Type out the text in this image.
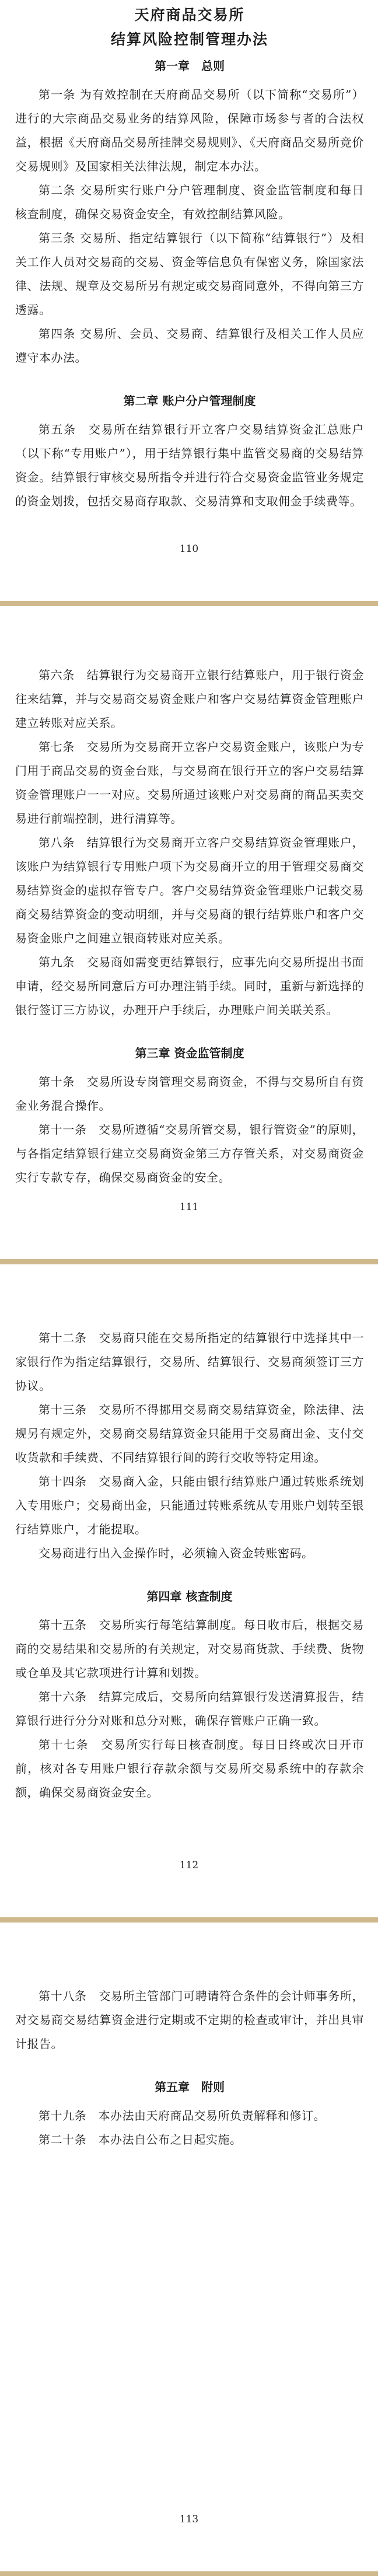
天府商品交易所
结算风险控制管理办法
第一章　总则
第一条 为有效控制在天府商品交易所（以下简称“交易所”）进行的大宗商品交易业务的结算风险，保障市场参与者的合法权益，根据《天府商品交易所挂牌交易规则》、《天府商品交易所竞价交易规则》及国家相关法律法规，制定本办法。
第二条 交易所实行账户分户管理制度、资金监管制度和每日核查制度，确保交易资金安全，有效控制结算风险。
第三条 交易所、指定结算银行（以下简称“结算银行”）及相关工作人员对交易商的交易、资金等信息负有保密义务，除国家法律、法规、规章及交易所另有规定或交易商同意外，不得向第三方透露。
第四条 交易所、会员、交易商、结算银行及相关工作人员应遵守本办法。
第二章 账户分户管理制度
第五条　交易所在结算银行开立客户交易结算资金汇总账户（以下称“专用账户”），用于结算银行集中监管交易商的交易结算资金。结算银行审核交易所指令并进行符合交易资金监管业务规定的资金划拨，包括交易商存取款、交易清算和支取佣金手续费等。
110
第六条　结算银行为交易商开立银行结算账户，用于银行资金往来结算，并与交易商交易资金账户和客户交易结算资金管理账户建立转账对应关系。
第七条　交易所为交易商开立客户交易资金账户，该账户为专门用于商品交易的资金台账，与交易商在银行开立的客户交易结算资金管理账户一一对应。交易所通过该账户对交易商的商品买卖交易进行前端控制，进行清算等。
第八条　结算银行为交易商开立客户交易结算资金管理账户，该账户为结算银行专用账户项下为交易商开立的用于管理交易商交易结算资金的虚拟存管专户。客户交易结算资金管理账户记载交易商交易结算资金的变动明细，并与交易商的银行结算账户和客户交易资金账户之间建立银商转账对应关系。
第九条　交易商如需变更结算银行，应事先向交易所提出书面申请，经交易所同意后方可办理注销手续。同时，重新与新选择的银行签订三方协议，办理开户手续后，办理账户间关联关系。
第三章 资金监管制度
第十条　交易所设专岗管理交易商资金，不得与交易所自有资金业务混合操作。
第十一条　交易所遵循“交易所管交易，银行管资金”的原则，与各指定结算银行建立交易商资金第三方存管关系，对交易商资金实行专款专存，确保交易商资金的安全。
111
第十二条　交易商只能在交易所指定的结算银行中选择其中一家银行作为指定结算银行，交易所、结算银行、交易商须签订三方协议。
第十三条　交易所不得挪用交易商交易结算资金，除法律、法规另有规定外，交易商交易结算资金只能用于交易商出金、支付交收货款和手续费、不同结算银行间的跨行交收等特定用途。
第十四条　交易商入金，只能由银行结算账户通过转账系统划入专用账户；交易商出金，只能通过转账系统从专用账户划转至银行结算账户，才能提取。
交易商进行出入金操作时，必须输入资金转账密码。
第四章 核查制度
第十五条　交易所实行每笔结算制度。每日收市后，根据交易商的交易结果和交易所的有关规定，对交易商货款、手续费、货物或仓单及其它款项进行计算和划拨。
第十六条　结算完成后，交易所向结算银行发送清算报告，结算银行进行分分对账和总分对账，确保存管账户正确一致。
第十七条　交易所实行每日核查制度。每日日终或次日开市前，核对各专用账户银行存款余额与交易所交易系统中的存款余额，确保交易商资金安全。
112
第十八条　交易所主管部门可聘请符合条件的会计师事务所，对交易商交易结算资金进行定期或不定期的检查或审计，并出具审计报告。
第五章　附则
第十九条　本办法由天府商品交易所负责解释和修订。
第二十条　本办法自公布之日起实施。
113
